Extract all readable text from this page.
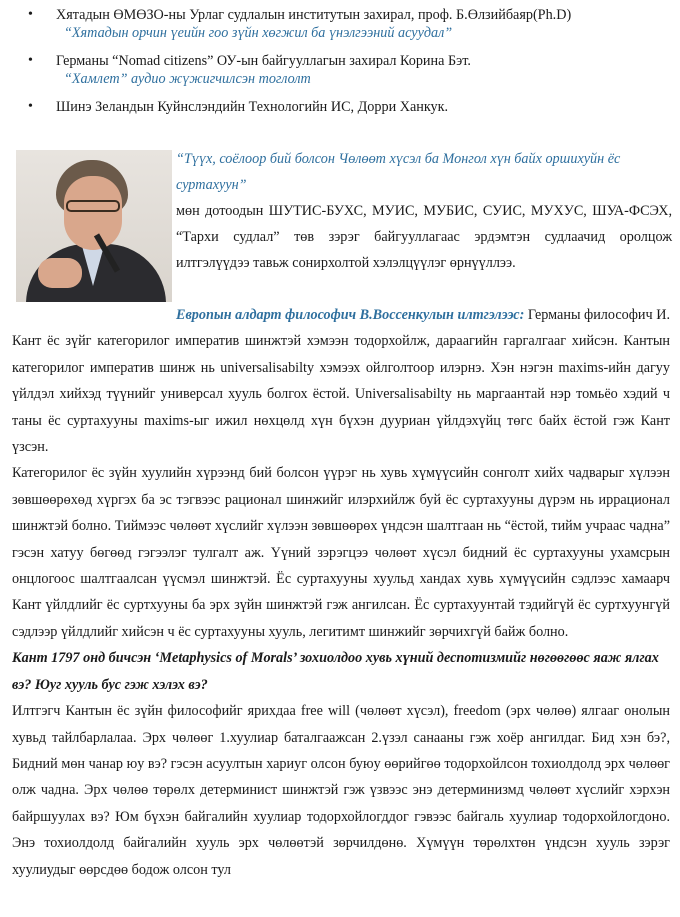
• Хятадын ӨМӨЗО-ны Урлаг судлалын институтын захирал, проф. Б.Өлзийбаяр(Ph.D)
“Хятадын орчин үеийн гоо зүйн хөгжил ба үнэлгээний асуудал”
• Германы “Nomad citizens” ОУ-ын байгууллагын захирал Корина Бэт.
“Хамлет” аудио жүжигчилсэн тоглолт
• Шинэ Зеландын Куйнслэндийн Технологийн ИС, Дорри Ханкук.
“Түүх, соёлоор бий болсон Чөлөөт хүсэл ба Монгол хүн байх оршихуйн ёс суртахуун”
мөн дотоодын ШУТИС-БУХС, МУИС, МУБИС, СУИС, МУХУС, ШУА-ФСЭХ, “Тархи судлал” төв зэрэг байгууллагаас эрдэмтэн судлаачид оролцож илтгэлүүдээ тавьж сонирхолтой хэлэлцүүлэг өрнүүллээ.

Европын алдарт философич В.Воссенкулын илтгэлээс: Германы философич И. Кант ёс зүйг категорилог императив шинжтэй хэмээн тодорхойлж, дараагийн гаргалгааг хийсэн. Кантын категорилог императив шинж нь universalisabilty хэмээх ойлголтоор илэрнэ. Хэн нэгэн maxims-ийн дагуу үйлдэл хийхэд түүнийг универсал хууль болгох ёстой. Universalisabilty нь маргаантай нэр томьёо хэдий ч таны ёс суртахууны maxims-ыг ижил нөхцөлд хүн бүхэн дууриан үйлдэхүйц төгс байх ёстой гэж Кант үзсэн.

Категорилог ёс зүйн хуулийн хүрээнд бий болсон үүрэг нь хувь хүмүүсийн сонголт хийх чадварыг хүлээн зөвшөөрөхөд хүргэх ба эс тэгвээс рационал шинжийг илэрхийлж буй ёс суртахууны дүрэм нь иррационал шинжтэй болно. Тиймээс чөлөөт хүслийг хүлээн зөвшөөрөх үндсэн шалтгаан нь “ёстой, тийм учраас чадна” гэсэн хатуу бөгөөд гэгээлэг тулгалт аж. Үүний зэрэгцээ чөлөөт хүсэл бидний ёс суртахууны ухамсрын онцлогоос шалтгаалсан үүсмэл шинжтэй. Ёс суртахууны хуульд хандах хувь хүмүүсийн сэдлээс хамаарч Кант үйлдлийг ёс суртхууны ба эрх зүйн шинжтэй гэж ангилсан. Ёс суртахуунтай тэдийгүй ёс суртхуунгүй сэдлээр үйлдлийг хийсэн ч ёс суртахууны хууль, легитимт шинжийг зөрчихгүй байж болно.

Кант 1797 онд бичсэн ‘Metaphysics of Morals’ зохиолдоо хувь хүний деспотизмийг нөгөөгөөс яаж ялгах вэ? Юуг хууль бус гэж хэлэх вэ?

Илтгэгч Кантын ёс зүйн философийг ярихдаа free will (чөлөөт хүсэл), freedom (эрх чөлөө) ялгааг онолын хувьд тайлбарлалаа. Эрх чөлөөг 1.хуулиар баталгаажсан 2.үзэл санааны гэж хоёр ангилдаг. Бид хэн бэ?, Бидний мөн чанар юу вэ? гэсэн асуултын хариуг олсон буюу өөрийгөө тодорхойлсон тохиолдолд эрх чөлөөг олж чадна. Эрх чөлөө төрөлх детерминист шинжтэй гэж үзвээс энэ детерминизмд чөлөөт хүслийг хэрхэн байршуулах вэ? Юм бүхэн байгалийн хуулиар тодорхойлогддог гэвээс байгаль хуулиар тодорхойлогдоно. Энэ тохиолдолд байгалийн хууль эрх чөлөөтэй зөрчилдөнө. Хүмүүн төрөлхтөн үндсэн хууль зэрэг хуулиудыг өөрсдөө бодож олсон тул
